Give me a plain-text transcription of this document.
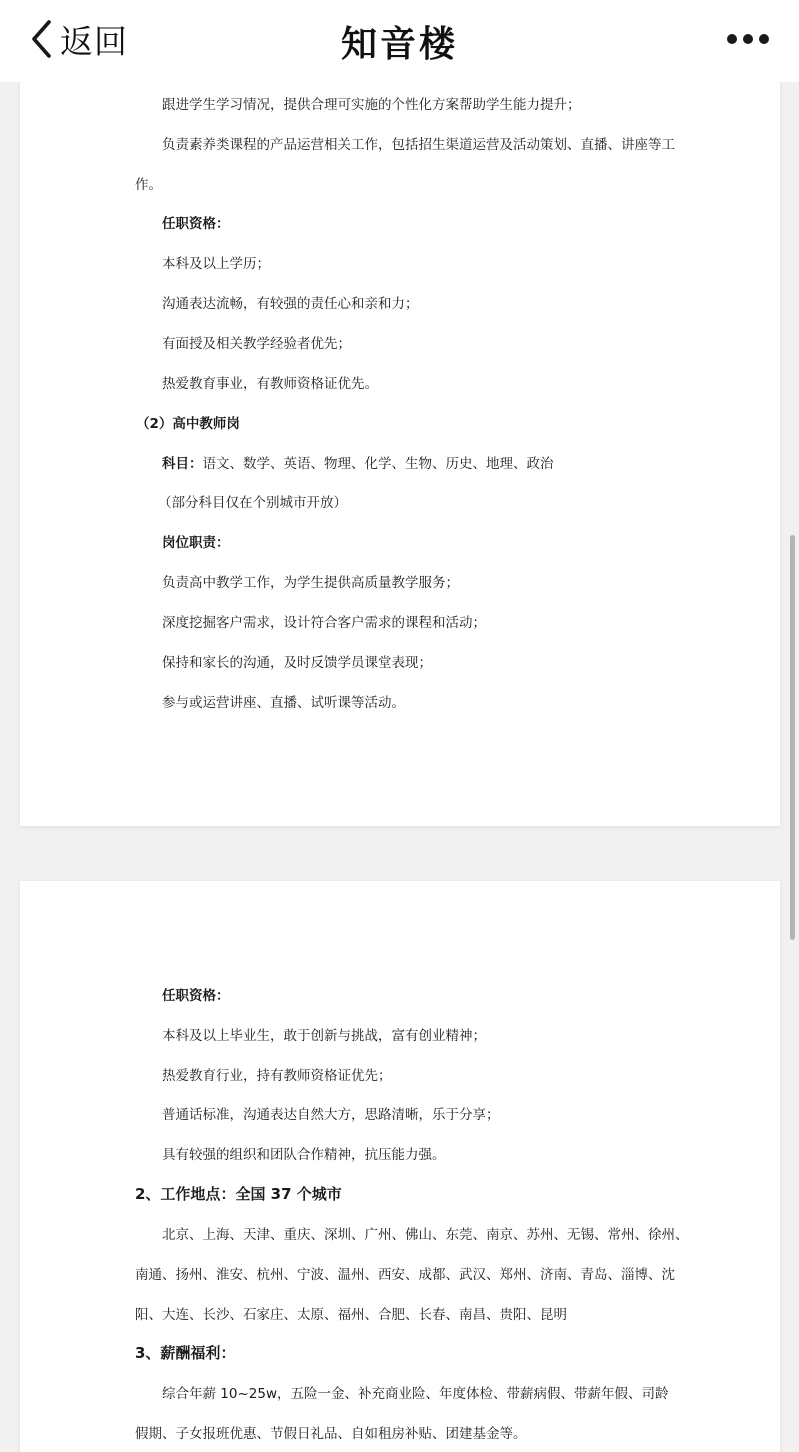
返回	知音楼
跟进学生学习情况，提供合理可实施的个性化方案帮助学生能力提升；
负责素养类课程的产品运营相关工作，包括招生渠道运营及活动策划、直播、讲座等工
作。
任职资格：
本科及以上学历；
沟通表达流畅，有较强的责任心和亲和力；
有面授及相关教学经验者优先；
热爱教育事业，有教师资格证优先。
（2）高中教师岗
科目：语文、数学、英语、物理、化学、生物、历史、地理、政治
（部分科目仅在个别城市开放）
岗位职责：
负责高中教学工作，为学生提供高质量教学服务；
深度挖掘客户需求，设计符合客户需求的课程和活动；
保持和家长的沟通，及时反馈学员课堂表现；
参与或运营讲座、直播、试听课等活动。
任职资格：
本科及以上毕业生，敢于创新与挑战，富有创业精神；
热爱教育行业，持有教师资格证优先；
普通话标准，沟通表达自然大方，思路清晰，乐于分享；
具有较强的组织和团队合作精神，抗压能力强。
2、工作地点：全国 37 个城市
北京、上海、天津、重庆、深圳、广州、佛山、东莞、南京、苏州、无锡、常州、徐州、
南通、扬州、淮安、杭州、宁波、温州、西安、成都、武汉、郑州、济南、青岛、淄博、沈
阳、大连、长沙、石家庄、太原、福州、合肥、长春、南昌、贵阳、昆明
3、薪酬福利：
综合年薪 10~25w，五险一金、补充商业险、年度体检、带薪病假、带薪年假、司龄
假期、子女报班优惠、节假日礼品、自如租房补贴、团建基金等。
